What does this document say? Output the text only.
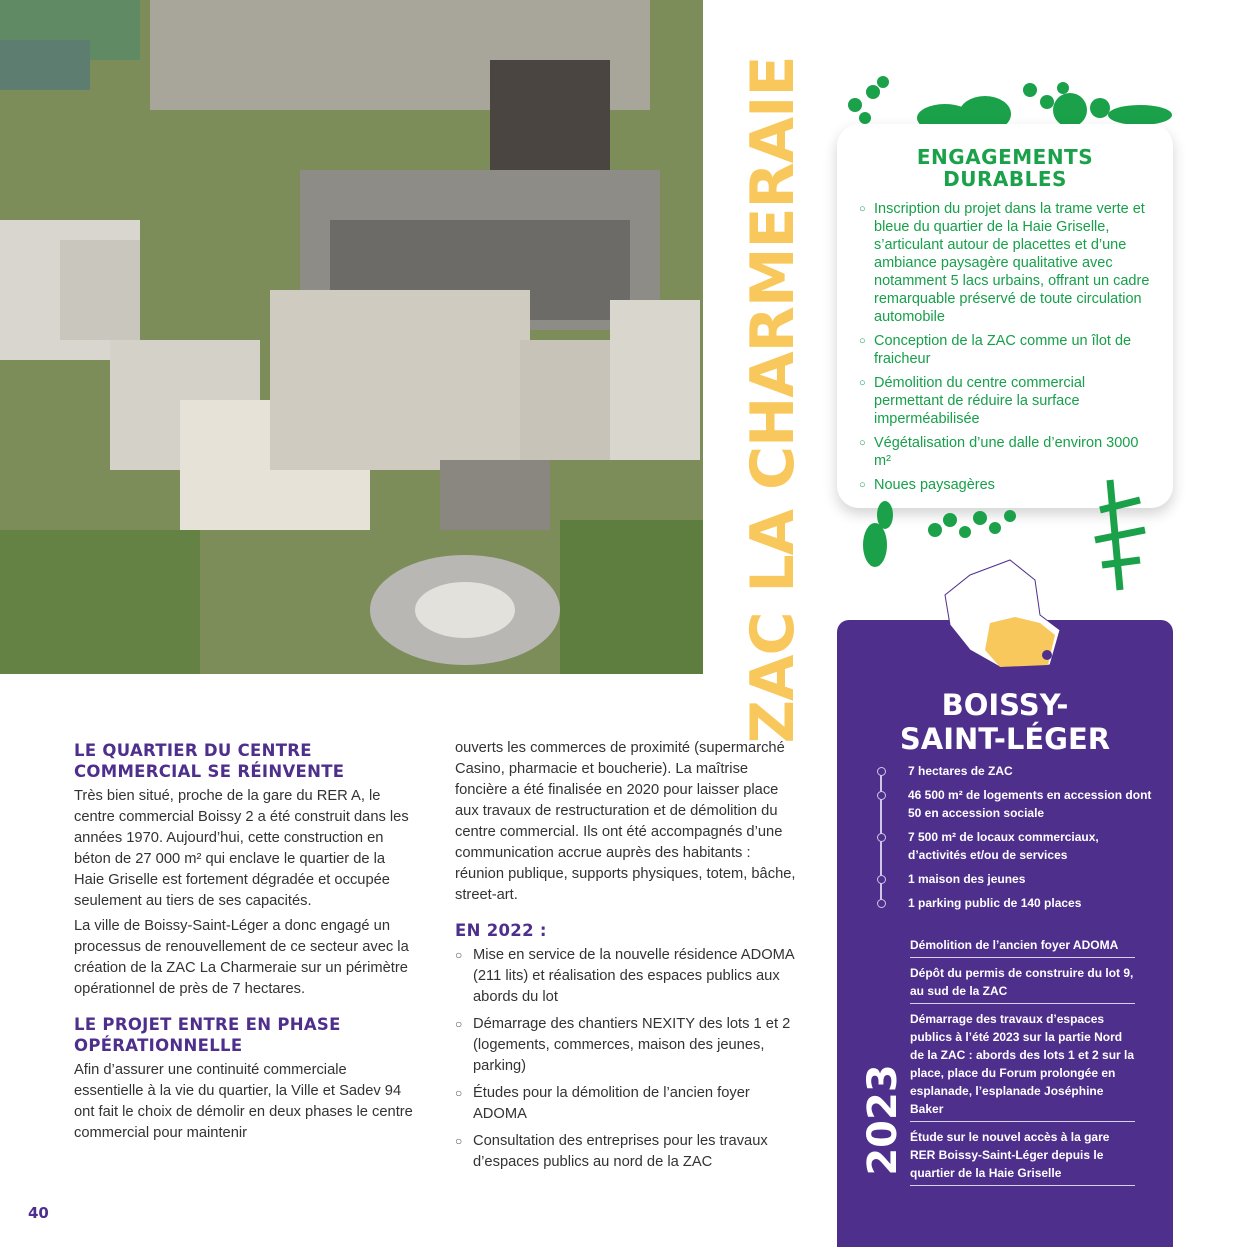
ZAC LA CHARMERAIE	ENGAGEMENTS
DURABLES
○ Inscription du projet dans la trame verte et bleue du quartier de la Haie Griselle, s’articulant autour de placettes et d’une ambiance paysagère qualitative avec notamment 5 lacs urbains, offrant un cadre remarquable préservé de toute circulation automobile
○ Conception de la ZAC comme un îlot de fraicheur
○ Démolition du centre commercial permettant de réduire la surface imperméabilisée
○ Végétalisation d’une dalle d’environ 3000 m²
○ Noues paysagères
BOISSY-
SAINT-LÉGER
7 hectares de ZAC
46 500 m² de logements en accession dont 50 en accession sociale
7 500 m² de locaux commerciaux, d’activités et/ou de services
1 maison des jeunes
1 parking public de 140 places
2023
Démolition de l’ancien foyer ADOMA
Dépôt du permis de construire du lot 9, au sud de la ZAC
Démarrage des travaux d’espaces publics à l’été 2023 sur la partie Nord de la ZAC : abords des lots 1 et 2 sur la place, place du Forum prolongée en esplanade, l’esplanade Joséphine Baker
Étude sur le nouvel accès à la gare RER Boissy-Saint-Léger depuis le quartier de la Haie Griselle
LE QUARTIER DU CENTRE COMMERCIAL SE RÉINVENTE

Très bien situé, proche de la gare du RER A, le centre commercial Boissy 2 a été construit dans les années 1970. Aujourd’hui, cette construction en béton de 27 000 m² qui enclave le quartier de la Haie Griselle est fortement dégradée et occupée seulement au tiers de ses capacités.

La ville de Boissy-Saint-Léger a donc engagé un processus de renouvellement de ce secteur avec la création de la ZAC La Charmeraie sur un périmètre opérationnel de près de 7 hectares.

LE PROJET ENTRE EN PHASE OPÉRATIONNELLE

Afin d’assurer une continuité commerciale essentielle à la vie du quartier, la Ville et Sadev 94 ont fait le choix de démolir en deux phases le centre commercial pour maintenir

ouverts les commerces de proximité (supermarché Casino, pharmacie et boucherie). La maîtrise foncière a été finalisée en 2020 pour laisser place aux travaux de restructuration et de démolition du centre commercial. Ils ont été accompagnés d’une communication accrue auprès des habitants : réunion publique, supports physiques, totem, bâche, street-art.

EN 2022 :
○ Mise en service de la nouvelle résidence ADOMA (211 lits) et réalisation des espaces publics aux abords du lot
○ Démarrage des chantiers NEXITY des lots 1 et 2 (logements, commerces, maison des jeunes, parking)
○ Études pour la démolition de l’ancien foyer ADOMA
○ Consultation des entreprises pour les travaux d’espaces publics au nord de la ZAC
40
